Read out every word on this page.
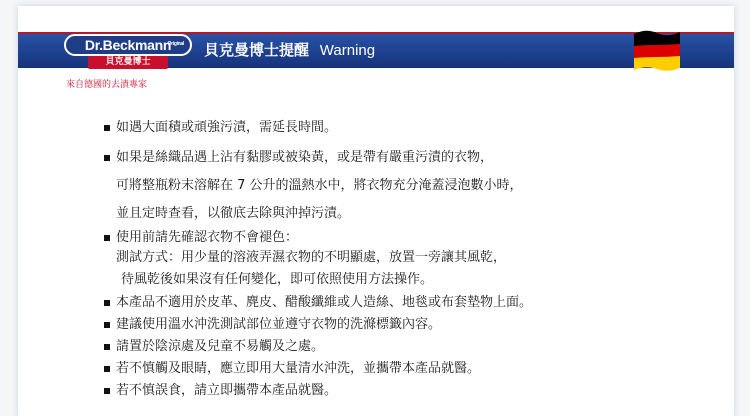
Dr.Beckmann
Original
貝克曼博士
來自德國的去漬專家
貝克曼博士提醒 Warning
如遇大面積或頑強污漬，需延長時間。
如果是絲織品遇上沾有黏膠或被染黃，或是帶有嚴重污漬的衣物，
可將整瓶粉末溶解在 7 公升的溫熱水中，將衣物充分淹蓋浸泡數小時，
並且定時查看，以徹底去除與沖掉污漬。
使用前請先確認衣物不會褪色：
測試方式：用少量的溶液弄濕衣物的不明顯處，放置一旁讓其風乾，
待風乾後如果沒有任何變化，即可依照使用方法操作。
本產品不適用於皮革、麂皮、醋酸纖維或人造絲、地毯或布套墊物上面。
建議使用溫水沖洗測試部位並遵守衣物的洗滌標籤內容。
請置於陰涼處及兒童不易觸及之處。
若不慎觸及眼睛，應立即用大量清水沖洗，並攜帶本產品就醫。
若不慎誤食，請立即攜帶本產品就醫。
